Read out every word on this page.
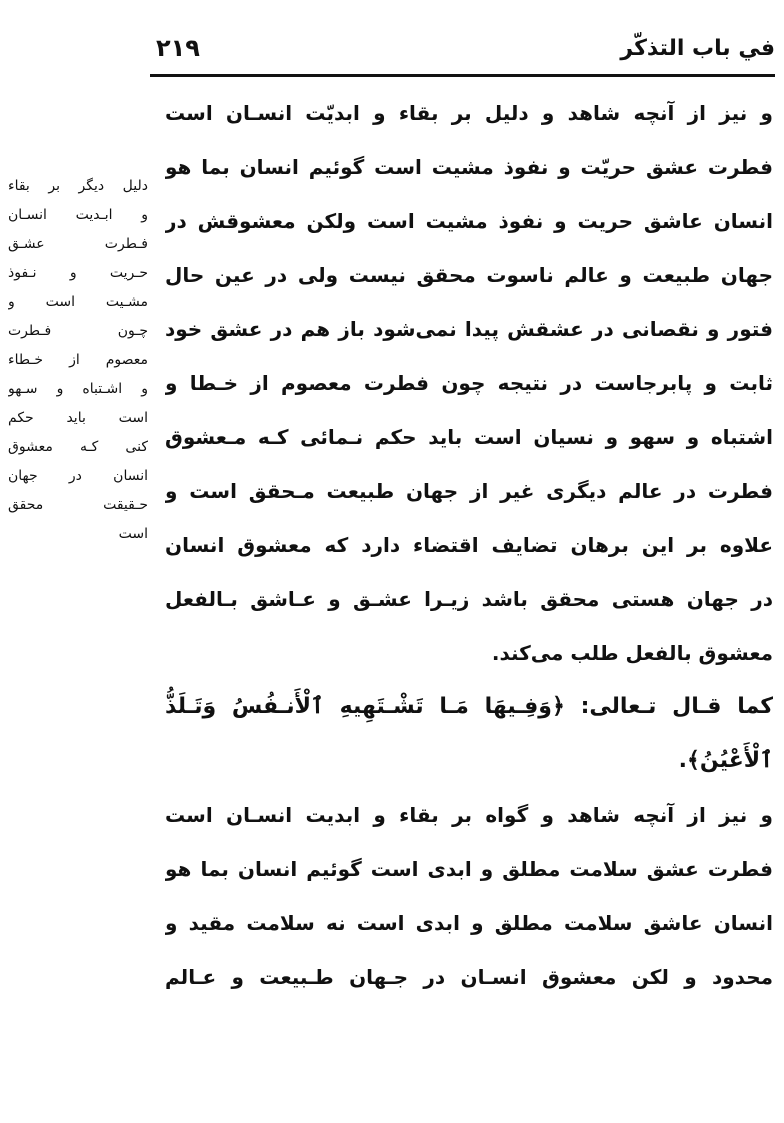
في باب التذكّر
٢١٩

و نیز از آنچه شاهد و دلیل بر بقاء و ابدیّت انسـان است

فطرت عشق حریّت و نفوذ مشیت است گوئیم انسان بما هو

انسان عاشق حریت و نفوذ مشیت است ولکن معشوقش در

جهان طبیعت و عالم ناسوت محقق نیست ولی در عین حال

فتور و نقصانی در عشقش پیدا نمی‌شود باز هم در عشق خود

ثابت و پابرجاست در نتیجه چون فطرت معصوم از خـطا و

اشتباه و سهو و نسیان است باید حکم نـمائی کـه مـعشوق

فطرت در عالم دیگری غیر از جهان طبیعت مـحقق است و

علاوه بر این برهان تضایف اقتضاء دارد که معشوق انسان

در جهان هستی محقق باشد زیـرا عشـق و عـاشق بـالفعل

معشوق بالفعل طلب می‌کند.

کما قـال تـعالی: ﴿وَفِـيهَا مَـا تَشْـتَهِيهِ ٱلْأَنـفُسُ وَتَـلَذُّ

ٱلْأَعْيُنُ﴾.

و نیز از آنچه شاهد و گواه بر بقاء و ابدیت انسـان است

فطرت عشق سلامت مطلق و ابدی است گوئیم انسان بما هو

انسان عاشق سلامت مطلق و ابدی است نه سلامت مقید و

محدود و لکن معشوق انسـان در جـهان طـبیعت و عـالم

دلیل دیگر بر بقاء
و ابـدیت انسـان
فـطرت عشـق
حـریت و نـفوذ
مشـیت است و
چـون فـطرت
معصوم از خـطاء
و اشـتباه و سـهو
است باید حکم
کنی کـه معشوق
انسان در جهان
حـقیقت محقق
است
